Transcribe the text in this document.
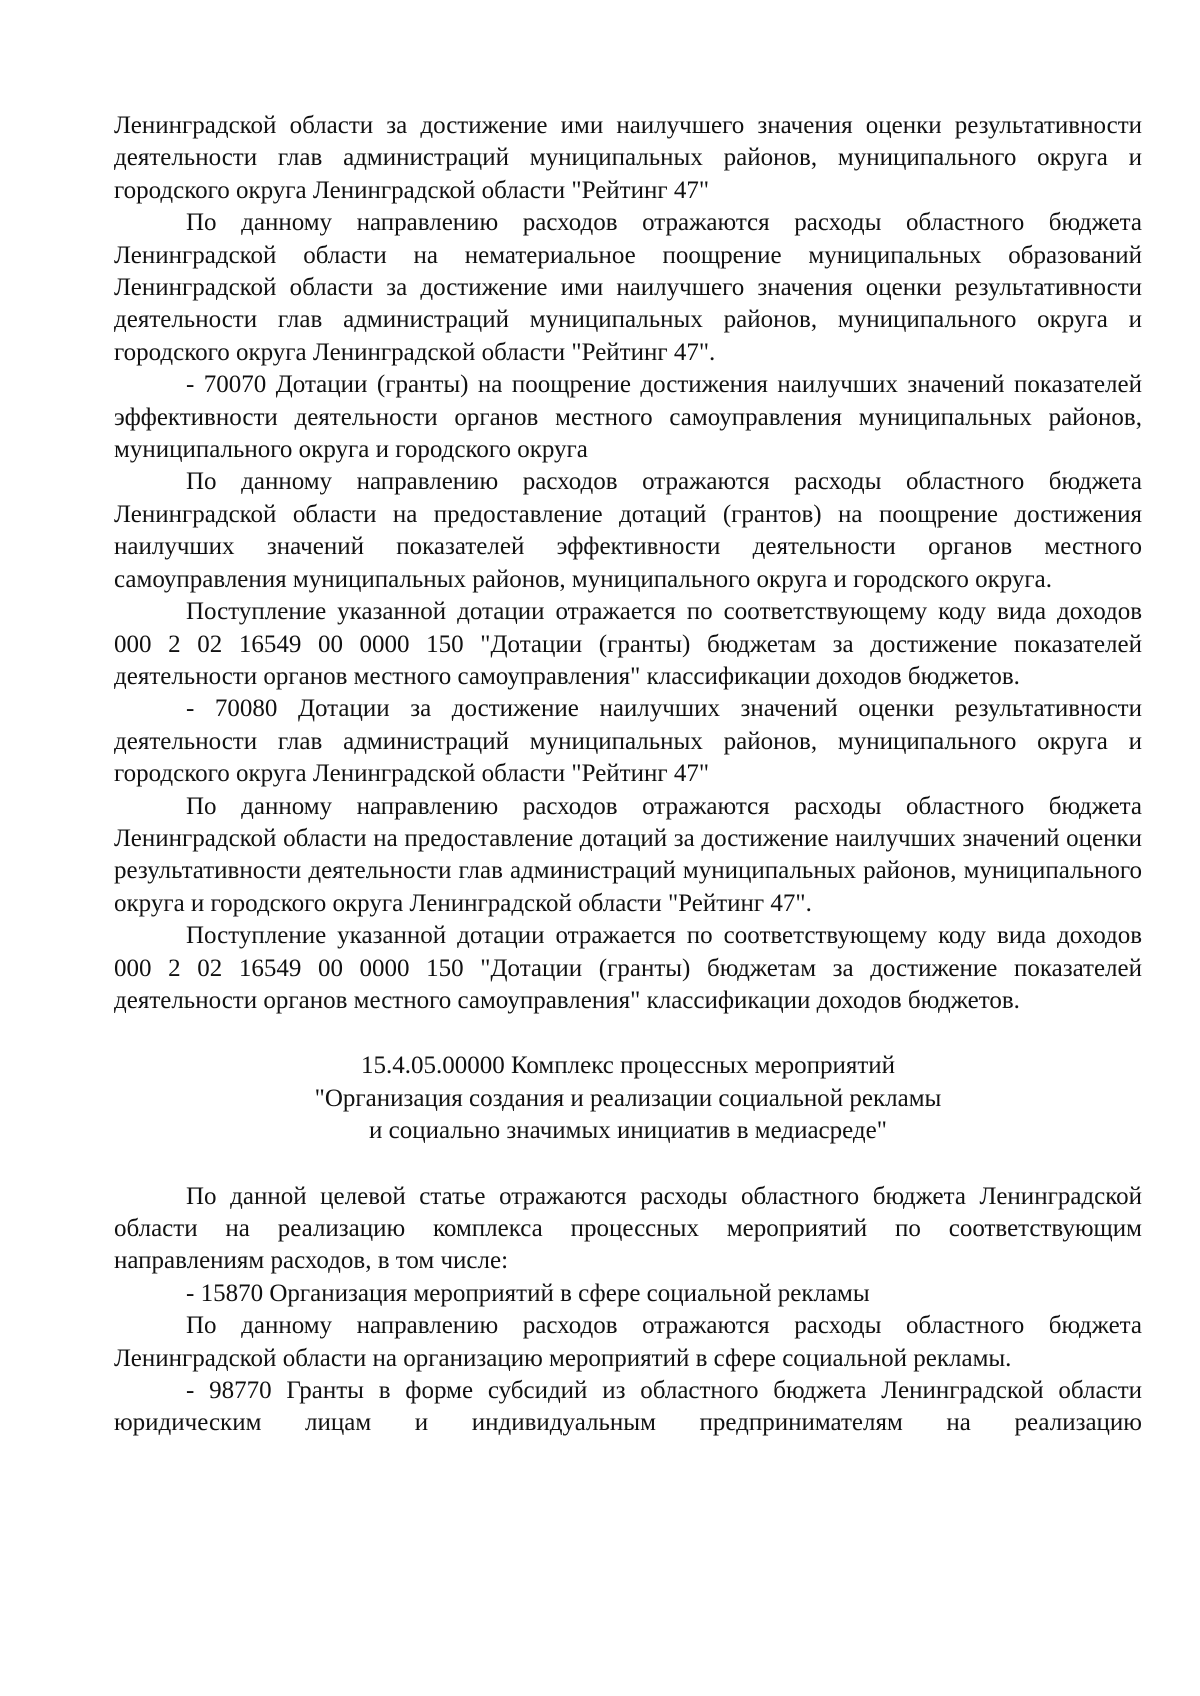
Ленинградской области за достижение ими наилучшего значения оценки результативности деятельности глав администраций муниципальных районов, муниципального округа и городского округа Ленинградской области "Рейтинг 47"

По данному направлению расходов отражаются расходы областного бюджета Ленинградской области на нематериальное поощрение муниципальных образований Ленинградской области за достижение ими наилучшего значения оценки результативности деятельности глав администраций муниципальных районов, муниципального округа и городского округа Ленинградской области "Рейтинг 47".

- 70070 Дотации (гранты) на поощрение достижения наилучших значений показателей эффективности деятельности органов местного самоуправления муниципальных районов, муниципального округа и городского округа

По данному направлению расходов отражаются расходы областного бюджета Ленинградской области на предоставление дотаций (грантов) на поощрение достижения наилучших значений показателей эффективности деятельности органов местного самоуправления муниципальных районов, муниципального округа и городского округа.

Поступление указанной дотации отражается по соответствующему коду вида доходов 000 2 02 16549 00 0000 150 "Дотации (гранты) бюджетам за достижение показателей деятельности органов местного самоуправления" классификации доходов бюджетов.

- 70080 Дотации за достижение наилучших значений оценки результативности деятельности глав администраций муниципальных районов, муниципального округа и городского округа Ленинградской области "Рейтинг 47"

По данному направлению расходов отражаются расходы областного бюджета Ленинградской области на предоставление дотаций за достижение наилучших значений оценки результативности деятельности глав администраций муниципальных районов, муниципального округа и городского округа Ленинградской области "Рейтинг 47".

Поступление указанной дотации отражается по соответствующему коду вида доходов 000 2 02 16549 00 0000 150 "Дотации (гранты) бюджетам за достижение показателей деятельности органов местного самоуправления" классификации доходов бюджетов.

15.4.05.00000 Комплекс процессных мероприятий
"Организация создания и реализации социальной рекламы
и социально значимых инициатив в медиасреде"

По данной целевой статье отражаются расходы областного бюджета Ленинградской области на реализацию комплекса процессных мероприятий по соответствующим направлениям расходов, в том числе:

- 15870 Организация мероприятий в сфере социальной рекламы

По данному направлению расходов отражаются расходы областного бюджета Ленинградской области на организацию мероприятий в сфере социальной рекламы.

- 98770 Гранты в форме субсидий из областного бюджета Ленинградской области юридическим лицам и индивидуальным предпринимателям на реализацию
